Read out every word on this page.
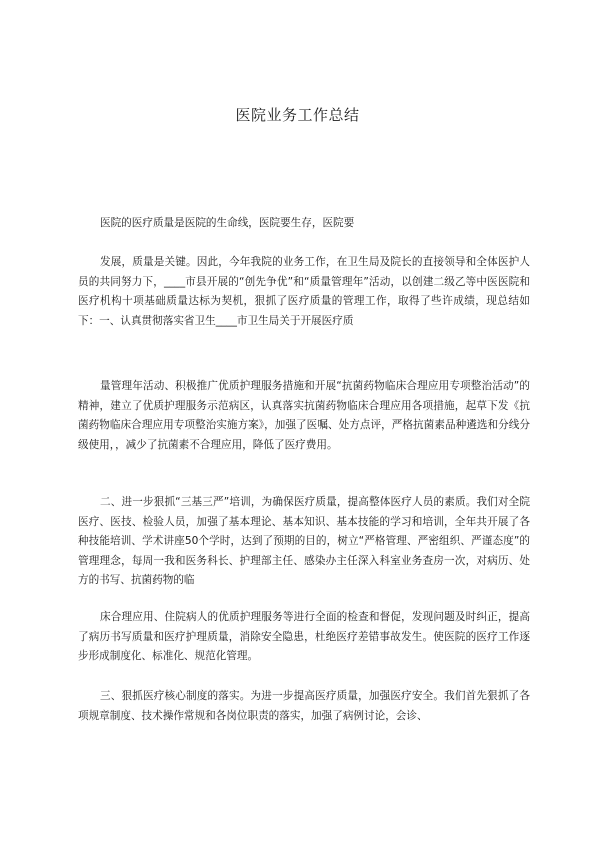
医院业务工作总结

医院的医疗质量是医院的生命线，医院要生存，医院要

发展，质量是关键。因此，今年我院的业务工作，在卫生局及院长的直接领导和全体医护人员的共同努力下，____市县开展的“创先争优”和“质量管理年”活动，以创建二级乙等中医医院和医疗机构十项基础质量达标为契机，狠抓了医疗质量的管理工作，取得了些许成绩，现总结如下：一、认真贯彻落实省卫生____市卫生局关于开展医疗质

量管理年活动、积极推广优质护理服务措施和开展“抗菌药物临床合理应用专项整治活动”的精神，建立了优质护理服务示范病区，认真落实抗菌药物临床合理应用各项措施，起草下发《抗菌药物临床合理应用专项整治实施方案》，加强了医嘱、处方点评，严格抗菌素品种遴选和分线分级使用，，减少了抗菌素不合理应用，降低了医疗费用。

二、进一步狠抓“三基三严”培训，为确保医疗质量，提高整体医疗人员的素质。我们对全院医疗、医技、检验人员，加强了基本理论、基本知识、基本技能的学习和培训，全年共开展了各种技能培训、学术讲座50个学时，达到了预期的目的，树立“严格管理、严密组织、严谨态度”的管理理念，每周一我和医务科长、护理部主任、感染办主任深入科室业务查房一次，对病历、处方的书写、抗菌药物的临

床合理应用、住院病人的优质护理服务等进行全面的检查和督促，发现问题及时纠正，提高了病历书写质量和医疗护理质量，消除安全隐患，杜绝医疗差错事故发生。使医院的医疗工作逐步形成制度化、标准化、规范化管理。

三、狠抓医疗核心制度的落实。为进一步提高医疗质量，加强医疗安全。我们首先狠抓了各项规章制度、技术操作常规和各岗位职责的落实，加强了病例讨论，会诊、
